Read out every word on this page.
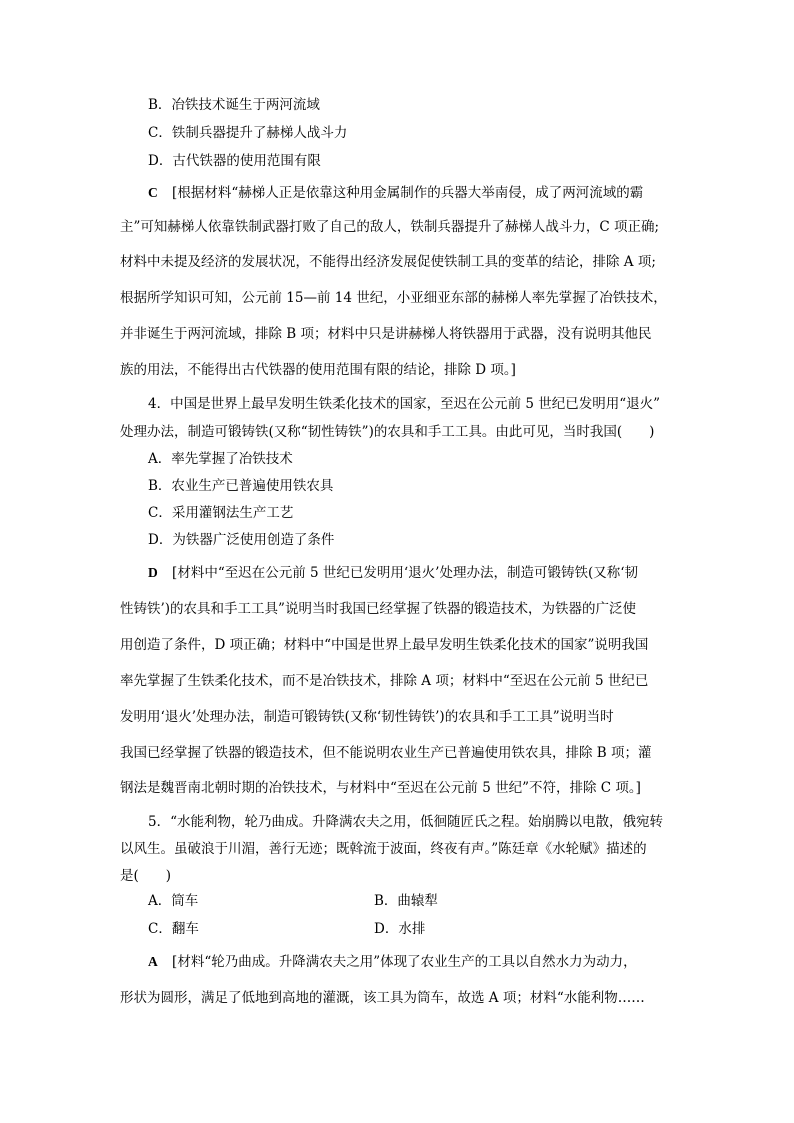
B．冶铁技术诞生于两河流域
C．铁制兵器提升了赫梯人战斗力
D．古代铁器的使用范围有限
C [根据材料“赫梯人正是依靠这种用金属制作的兵器大举南侵，成了两河流域的霸
主”可知赫梯人依靠铁制武器打败了自己的敌人，铁制兵器提升了赫梯人战斗力，C 项正确;
材料中未提及经济的发展状况，不能得出经济发展促使铁制工具的变革的结论，排除 A 项;
根据所学知识可知，公元前 15—前 14 世纪，小亚细亚东部的赫梯人率先掌握了冶铁技术，
并非诞生于两河流域，排除 B 项；材料中只是讲赫梯人将铁器用于武器，没有说明其他民
族的用法，不能得出古代铁器的使用范围有限的结论，排除 D 项。]
4．中国是世界上最早发明生铁柔化技术的国家，至迟在公元前 5 世纪已发明用“退火”
处理办法，制造可锻铸铁(又称“韧性铸铁”)的农具和手工工具。由此可见，当时我国(　　)
A．率先掌握了冶铁技术
B．农业生产已普遍使用铁农具
C．采用灌钢法生产工艺
D．为铁器广泛使用创造了条件
D [材料中“至迟在公元前 5 世纪已发明用‘退火’处理办法，制造可锻铸铁(又称‘韧
性铸铁’)的农具和手工工具”说明当时我国已经掌握了铁器的锻造技术，为铁器的广泛使
用创造了条件，D 项正确；材料中“中国是世界上最早发明生铁柔化技术的国家”说明我国
率先掌握了生铁柔化技术，而不是冶铁技术，排除 A 项；材料中“至迟在公元前 5 世纪已
发明用‘退火’处理办法，制造可锻铸铁(又称‘韧性铸铁’)的农具和手工工具”说明当时
我国已经掌握了铁器的锻造技术，但不能说明农业生产已普遍使用铁农具，排除 B 项；灌
钢法是魏晋南北朝时期的冶铁技术，与材料中“至迟在公元前 5 世纪”不符，排除 C 项。]
5．“水能利物，轮乃曲成。升降满农夫之用，低徊随匠氏之程。始崩腾以电散，俄宛转
以风生。虽破浪于川湄，善行无迹；既斡流于波面，终夜有声。”陈廷章《水轮赋》描述的
是(　　)
A．筒车	B．曲辕犁
C．翻车	D．水排
A [材料“轮乃曲成。升降满农夫之用”体现了农业生产的工具以自然水力为动力，
形状为圆形，满足了低地到高地的灌溉，该工具为筒车，故选 A 项；材料“水能利物……
